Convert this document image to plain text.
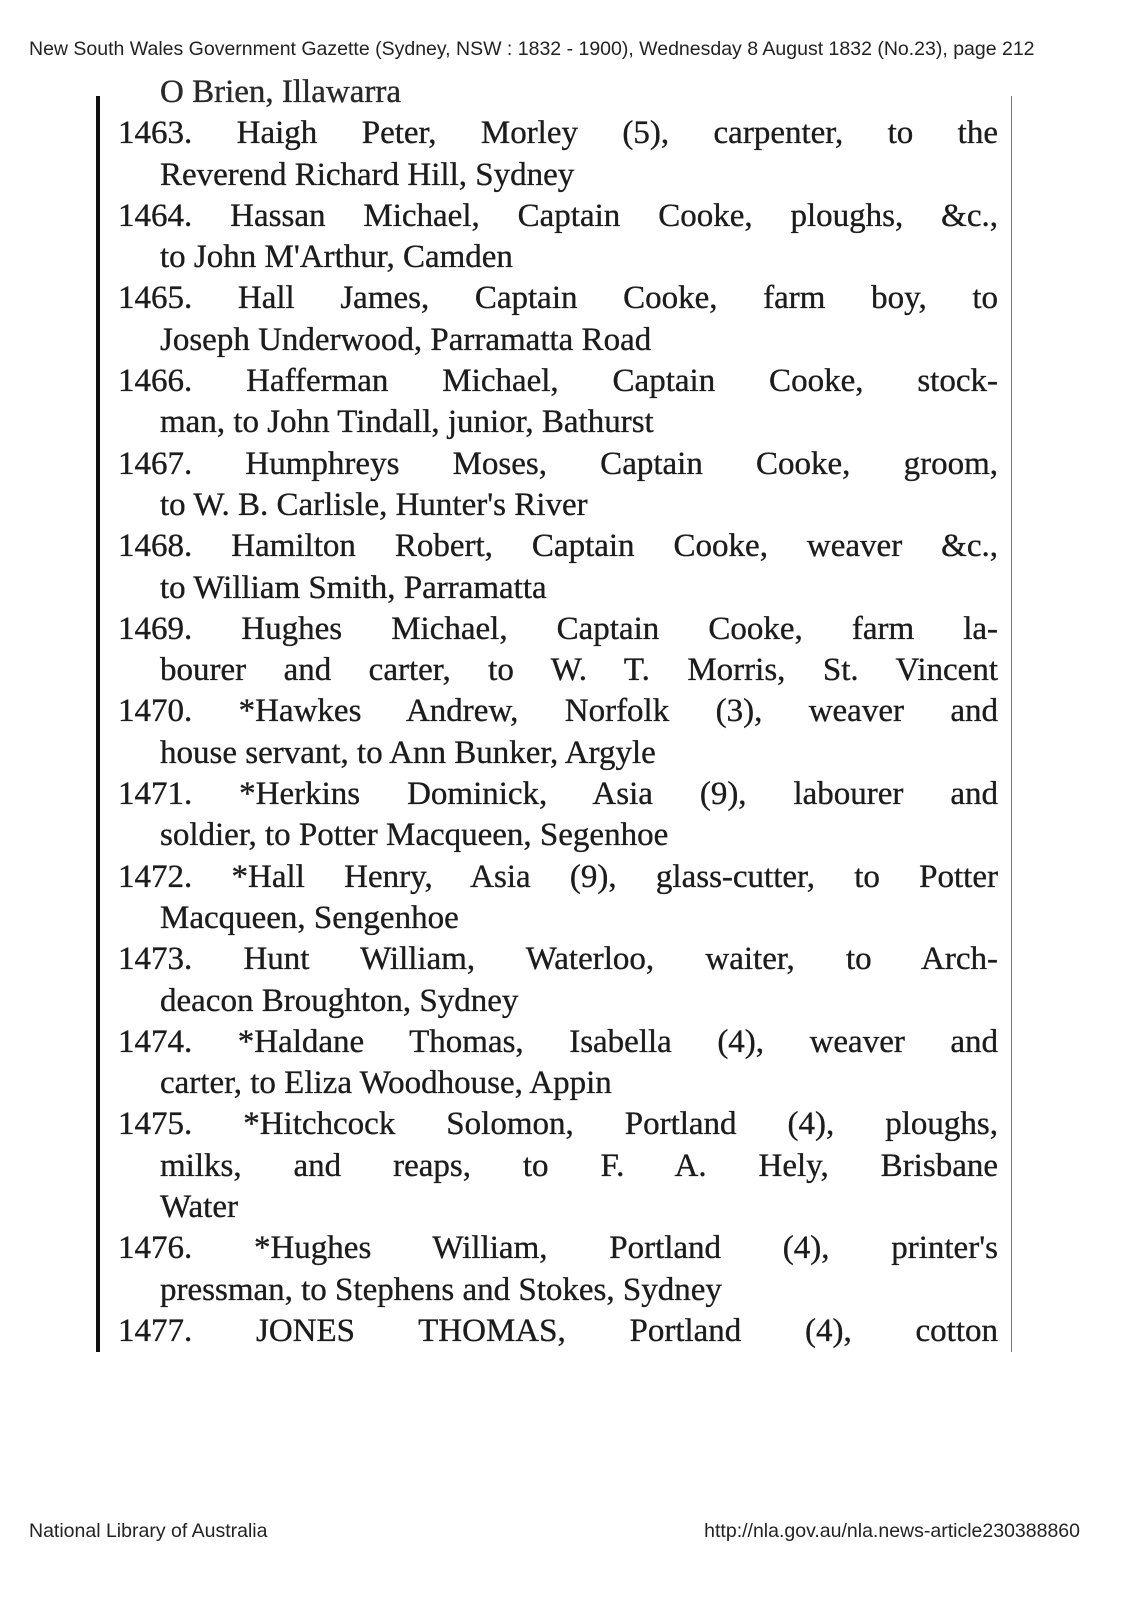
New South Wales Government Gazette (Sydney, NSW : 1832 - 1900), Wednesday 8 August 1832 (No.23), page 212
O Brien, Illawarra
1463. Haigh Peter, Morley (5), carpenter, to the
Reverend Richard Hill, Sydney
1464. Hassan Michael, Captain Cooke, ploughs, &c.,
to John M'Arthur, Camden
1465. Hall James, Captain Cooke, farm boy, to
Joseph Underwood, Parramatta Road
1466. Hafferman Michael, Captain Cooke, stock-
man, to John Tindall, junior, Bathurst
1467. Humphreys Moses, Captain Cooke, groom,
to W. B. Carlisle, Hunter's River
1468. Hamilton Robert, Captain Cooke, weaver &c.,
to William Smith, Parramatta
1469. Hughes Michael, Captain Cooke, farm la-
bourer and carter, to W. T. Morris, St. Vincent
1470. *Hawkes Andrew, Norfolk (3), weaver and
house servant, to Ann Bunker, Argyle
1471. *Herkins Dominick, Asia (9), labourer and
soldier, to Potter Macqueen, Segenhoe
1472. *Hall Henry, Asia (9), glass-cutter, to Potter
Macqueen, Sengenhoe
1473. Hunt William, Waterloo, waiter, to Arch-
deacon Broughton, Sydney
1474. *Haldane Thomas, Isabella (4), weaver and
carter, to Eliza Woodhouse, Appin
1475. *Hitchcock Solomon, Portland (4), ploughs,
milks, and reaps, to F. A. Hely, Brisbane
Water
1476. *Hughes William, Portland (4), printer's
pressman, to Stephens and Stokes, Sydney
1477. JONES THOMAS, Portland (4), cotton
National Library of Australia	http://nla.gov.au/nla.news-article230388860
